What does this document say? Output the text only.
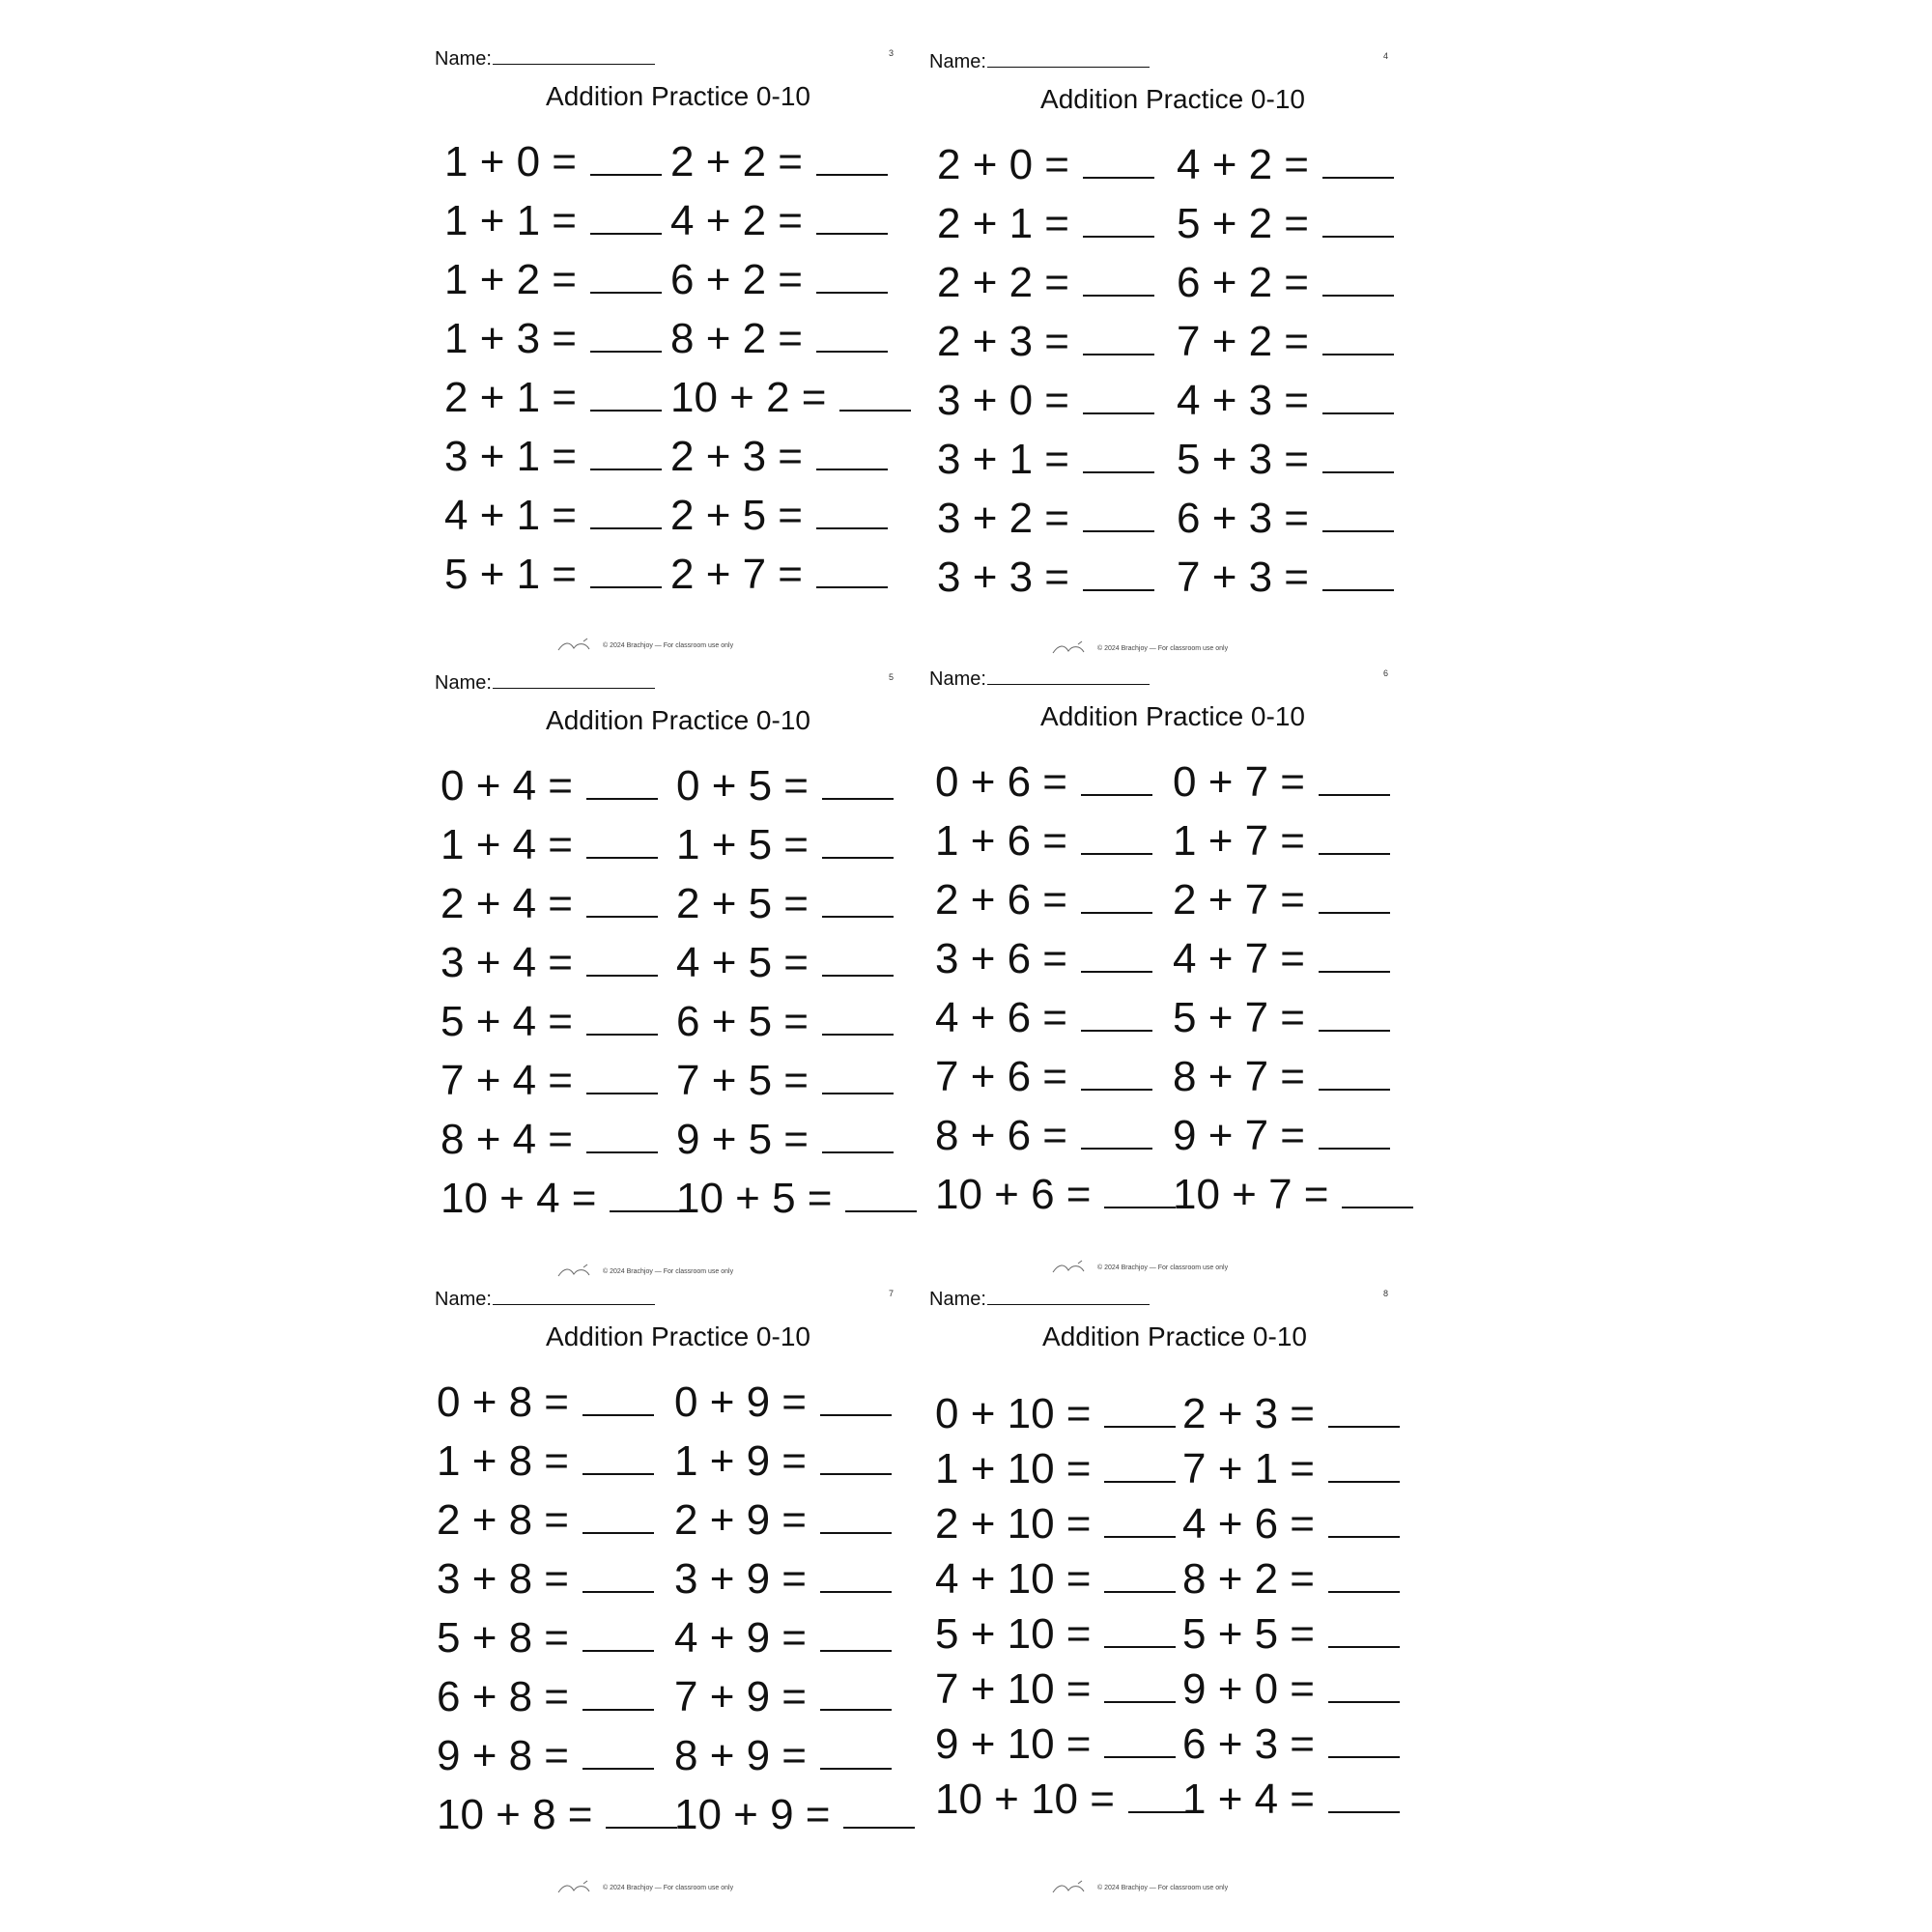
Name:	3
Addition Practice 0-10
1 + 0 =	2 + 2 =
1 + 1 =	4 + 2 =
1 + 2 =	6 + 2 =
1 + 3 =	8 + 2 =
2 + 1 =	10 + 2 =
3 + 1 =	2 + 3 =
4 + 1 =	2 + 5 =
5 + 1 =	2 + 7 =
© 2024 Brachjoy — For classroom use only
Name:	4
Addition Practice 0-10
2 + 0 =	4 + 2 =
2 + 1 =	5 + 2 =
2 + 2 =	6 + 2 =
2 + 3 =	7 + 2 =
3 + 0 =	4 + 3 =
3 + 1 =	5 + 3 =
3 + 2 =	6 + 3 =
3 + 3 =	7 + 3 =
© 2024 Brachjoy — For classroom use only
Name:	5
Addition Practice 0-10
0 + 4 =	0 + 5 =
1 + 4 =	1 + 5 =
2 + 4 =	2 + 5 =
3 + 4 =	4 + 5 =
5 + 4 =	6 + 5 =
7 + 4 =	7 + 5 =
8 + 4 =	9 + 5 =
10 + 4 =	10 + 5 =
© 2024 Brachjoy — For classroom use only
Name:	6
Addition Practice 0-10
0 + 6 =	0 + 7 =
1 + 6 =	1 + 7 =
2 + 6 =	2 + 7 =
3 + 6 =	4 + 7 =
4 + 6 =	5 + 7 =
7 + 6 =	8 + 7 =
8 + 6 =	9 + 7 =
10 + 6 =	10 + 7 =
© 2024 Brachjoy — For classroom use only
Name:	7
Addition Practice 0-10
0 + 8 =	0 + 9 =
1 + 8 =	1 + 9 =
2 + 8 =	2 + 9 =
3 + 8 =	3 + 9 =
5 + 8 =	4 + 9 =
6 + 8 =	7 + 9 =
9 + 8 =	8 + 9 =
10 + 8 =	10 + 9 =
© 2024 Brachjoy — For classroom use only
Name:	8
Addition Practice 0-10
0 + 10 =	2 + 3 =
1 + 10 =	7 + 1 =
2 + 10 =	4 + 6 =
4 + 10 =	8 + 2 =
5 + 10 =	5 + 5 =
7 + 10 =	9 + 0 =
9 + 10 =	6 + 3 =
10 + 10 =	1 + 4 =
© 2024 Brachjoy — For classroom use only
